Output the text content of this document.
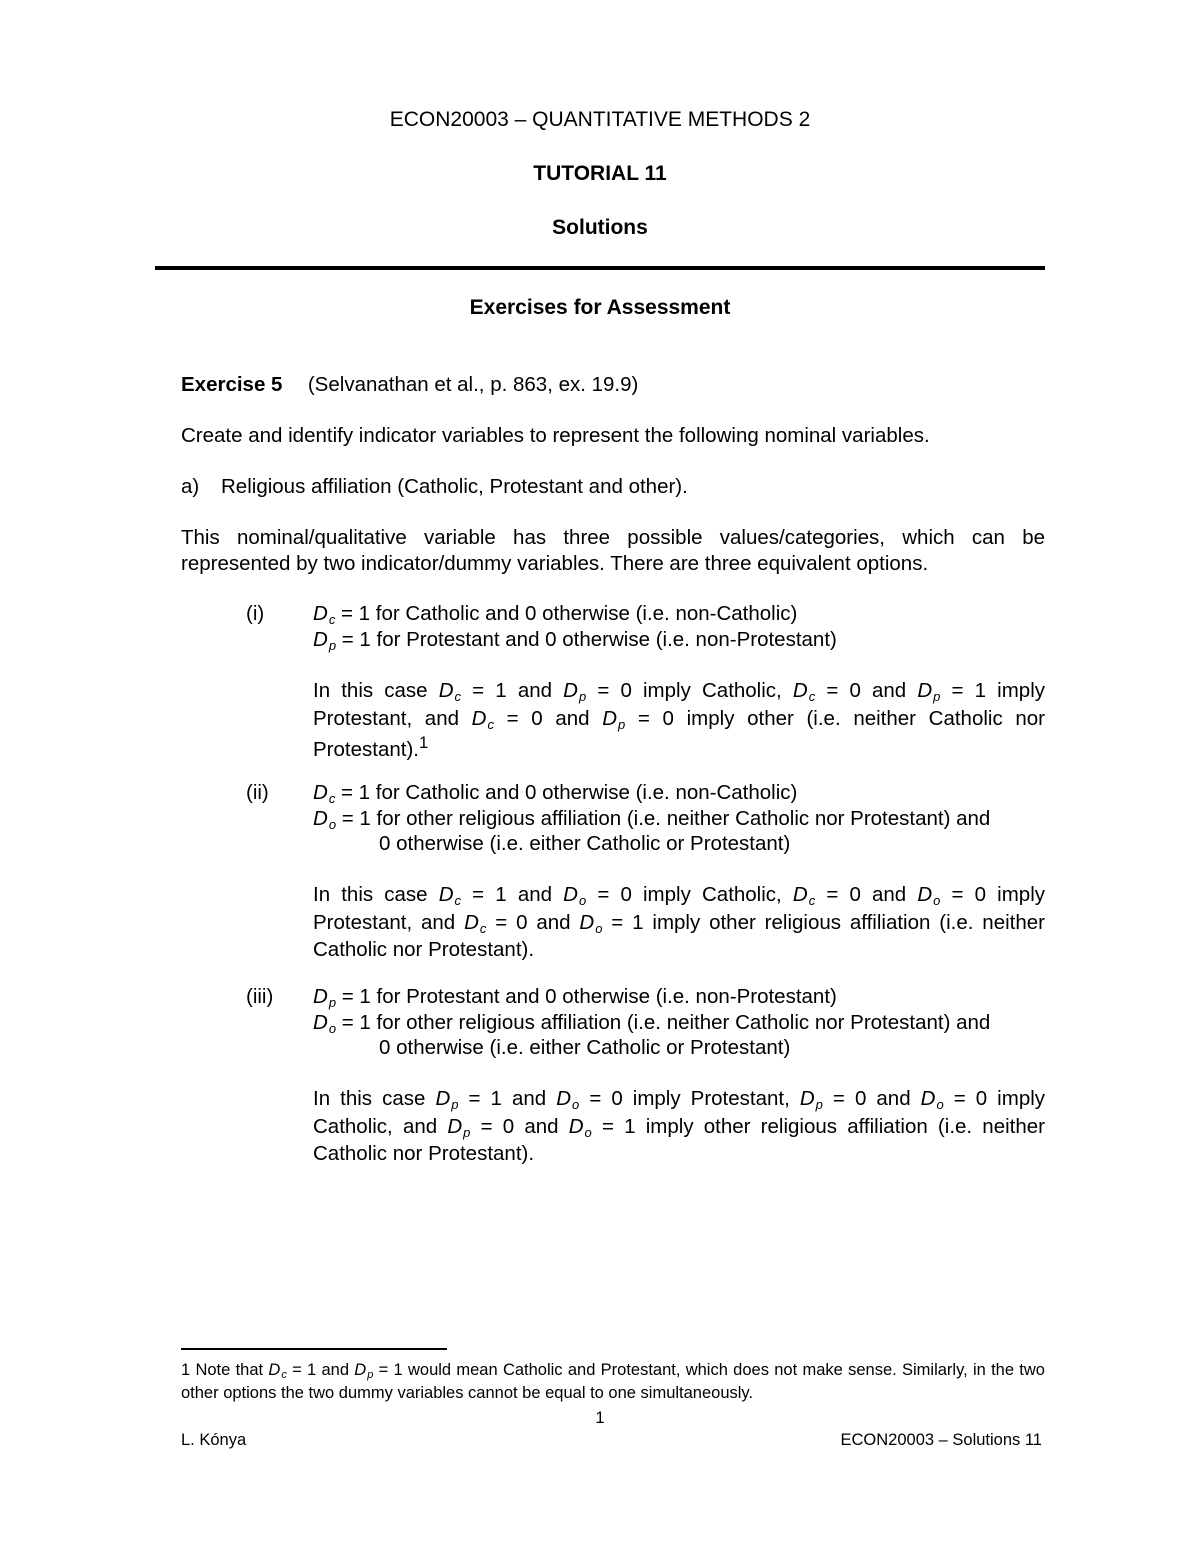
ECON20003 – QUANTITATIVE METHODS 2
TUTORIAL 11
Solutions
Exercises for Assessment
Exercise 5 (Selvanathan et al., p. 863, ex. 19.9)
Create and identify indicator variables to represent the following nominal variables.
a) Religious affiliation (Catholic, Protestant and other).
This nominal/qualitative variable has three possible values/categories, which can be represented by two indicator/dummy variables. There are three equivalent options.
(i) Dc = 1 for Catholic and 0 otherwise (i.e. non-Catholic)
Dp = 1 for Protestant and 0 otherwise (i.e. non-Protestant)
In this case Dc = 1 and Dp = 0 imply Catholic, Dc = 0 and Dp = 1 imply Protestant, and Dc = 0 and Dp = 0 imply other (i.e. neither Catholic nor Protestant).$^1$
(ii) Dc = 1 for Catholic and 0 otherwise (i.e. non-Catholic)
Do = 1 for other religious affiliation (i.e. neither Catholic nor Protestant) and
0 otherwise (i.e. either Catholic or Protestant)
In this case Dc = 1 and Do = 0 imply Catholic, Dc = 0 and Do = 0 imply Protestant, and Dc = 0 and Do = 1 imply other religious affiliation (i.e. neither Catholic nor Protestant).
(iii) Dp = 1 for Protestant and 0 otherwise (i.e. non-Protestant)
Do = 1 for other religious affiliation (i.e. neither Catholic nor Protestant) and
0 otherwise (i.e. either Catholic or Protestant)
In this case Dp = 1 and Do = 0 imply Protestant, Dp = 0 and Do = 0 imply Catholic, and Dp = 0 and Do = 1 imply other religious affiliation (i.e. neither Catholic nor Protestant).
1 Note that Dc = 1 and Dp = 1 would mean Catholic and Protestant, which does not make sense. Similarly, in the two other options the two dummy variables cannot be equal to one simultaneously.
1
L. Kónya	ECON20003 – Solutions 11
